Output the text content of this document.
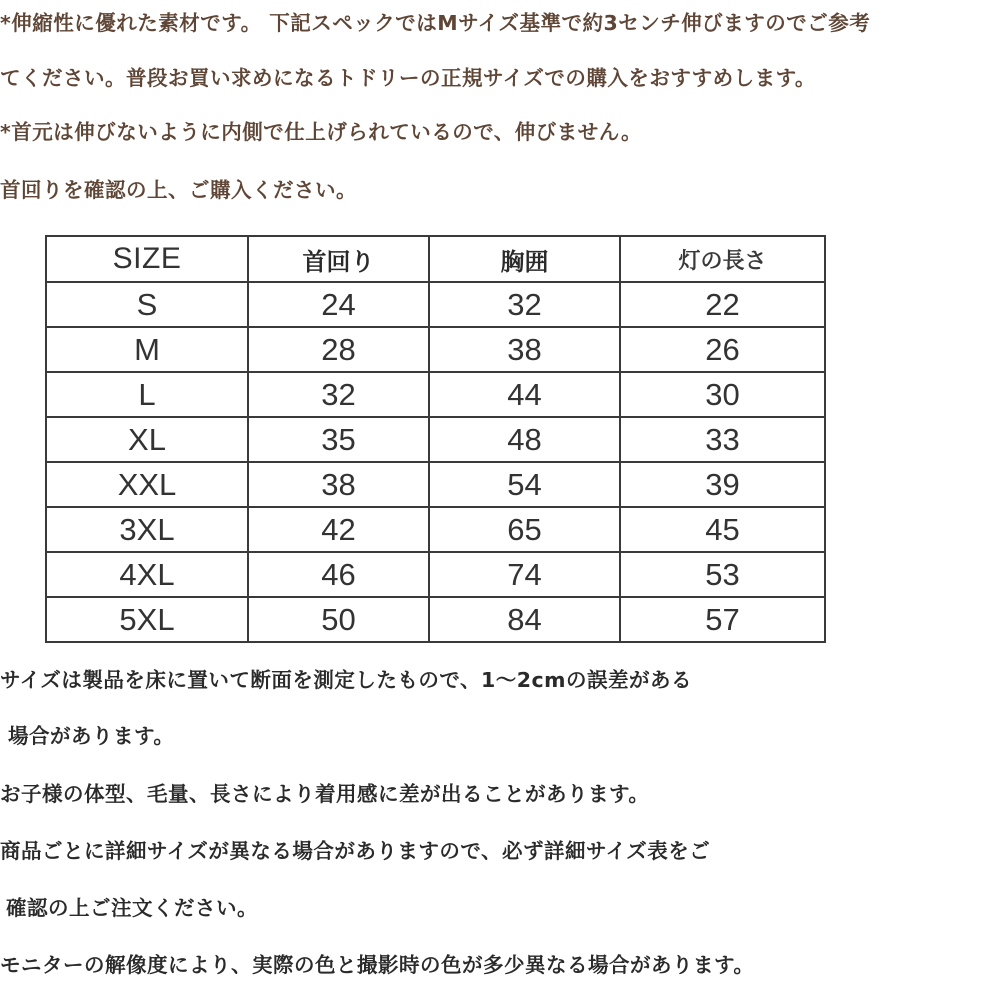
*伸縮性に優れた素材です。 下記スペックではMサイズ基準で約3センチ伸びますのでご参考

てください。普段お買い求めになるトドリーの正規サイズでの購入をおすすめします。

*首元は伸びないように内側で仕上げられているので、伸びません。

首回りを確認の上、ご購入ください。

SIZE	首回り	胸囲	灯の長さ
S	24	32	22
M	28	38	26
L	32	44	30
XL	35	48	33
XXL	38	54	39
3XL	42	65	45
4XL	46	74	53
5XL	50	84	57

サイズは製品を床に置いて断面を測定したもので、1〜2cmの誤差がある

場合があります。

お子様の体型、毛量、長さにより着用感に差が出ることがあります。

商品ごとに詳細サイズが異なる場合がありますので、必ず詳細サイズ表をご

確認の上ご注文ください。

モニターの解像度により、実際の色と撮影時の色が多少異なる場合があります。
